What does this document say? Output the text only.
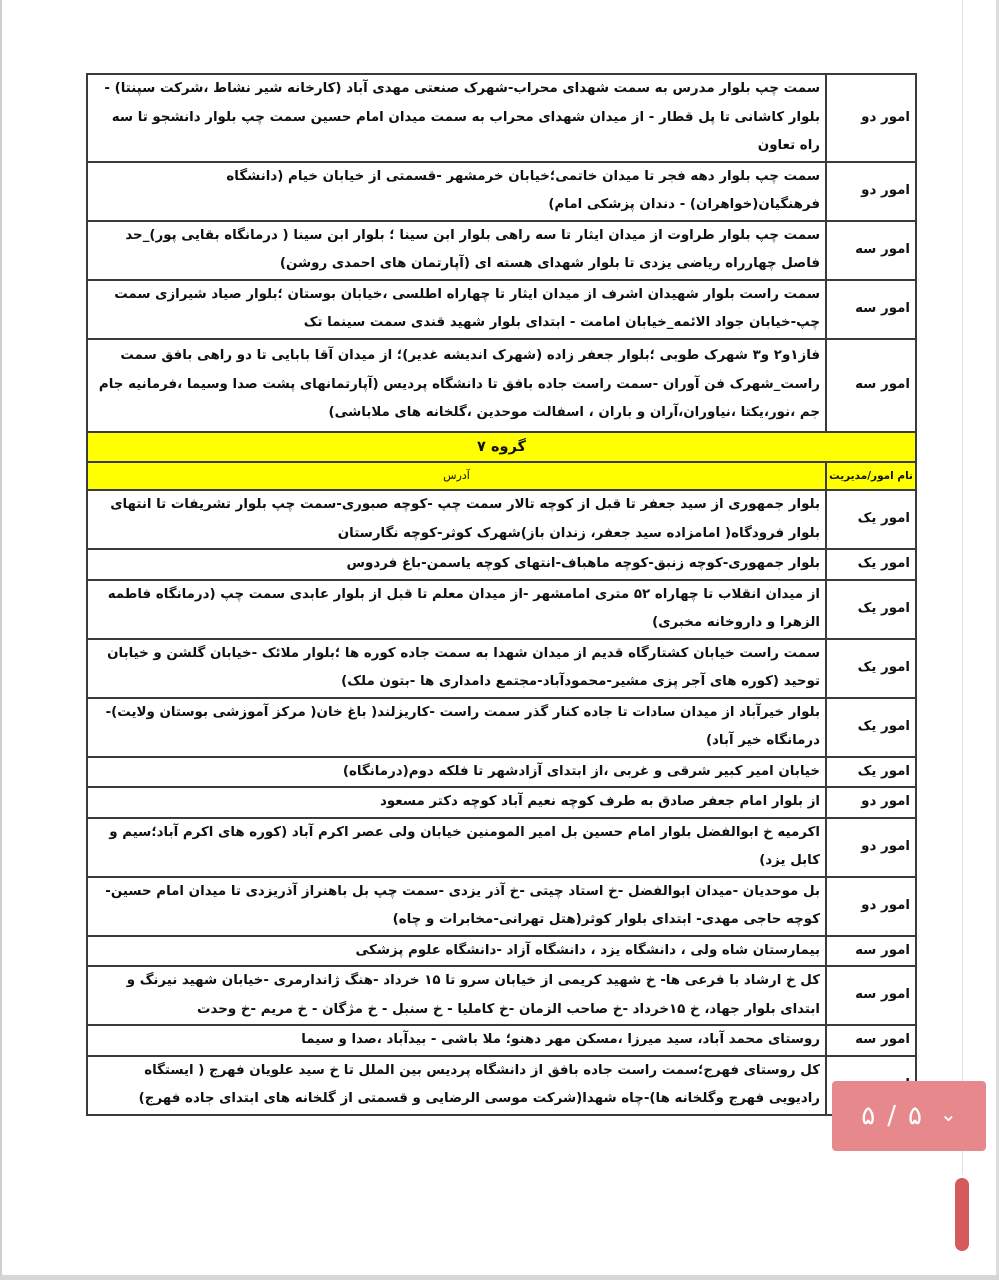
امور دو	سمت چپ بلوار مدرس به سمت شهدای محراب-شهرک صنعتی مهدی آباد (کارخانه شیر نشاط ،شرکت سپنتا) - بلوار کاشانی تا پل قطار - از میدان شهدای محراب به سمت میدان امام حسین سمت چپ بلوار دانشجو تا سه راه تعاون
امور دو	سمت چپ بلوار دهه فجر تا میدان خاتمی؛خیابان خرمشهر -قسمتی از خیابان خیام (دانشگاه فرهنگیان(خواهران) - دندان پزشکی امام)
امور سه	سمت چپ بلوار طراوت از میدان ایثار تا سه راهی بلوار ابن سینا ؛ بلوار ابن سینا ( درمانگاه بقایی پور)_حد فاصل چهارراه ریاضی یزدی تا بلوار شهدای هسته ای (آپارتمان های احمدی روشن)
امور سه	سمت راست بلوار شهیدان اشرف از میدان ایثار تا چهاراه اطلسی ،خیابان بوستان ؛بلوار صیاد شیرازی سمت چپ-خیابان جواد الائمه_خیابان امامت - ابتدای بلوار شهید قندی سمت سینما تک
امور سه	فاز۱و۲ و۳ شهرک طوبی ؛بلوار جعفر زاده (شهرک اندیشه غدیر)؛ از میدان آقا بابایی تا دو راهی بافق سمت راست_شهرک فن آوران -سمت راست جاده بافق تا دانشگاه پردیس (آپارتمانهای پشت صدا وسیما ،فرمانیه جام جم ،نور،یکتا ،نیاوران،آران و باران ، اسفالت موحدین ،گلخانه های ملاباشی)
گروه ۷	
نام امور/مدیریت	آدرس
امور یک	بلوار جمهوری از سید جعفر تا قبل از کوچه تالار سمت چپ -کوچه صبوری-سمت چپ بلوار تشریفات تا انتهای بلوار فرودگاه( امامزاده سید جعفر، زندان باز)شهرک کوثر-کوچه نگارستان
امور یک	بلوار جمهوری-کوچه زنبق-کوچه ماهباف-انتهای کوچه یاسمن-باغ فردوس
امور یک	از میدان انقلاب تا چهاراه ۵۲ متری امامشهر -از میدان معلم تا قبل از بلوار عابدی سمت چپ (درمانگاه فاطمه الزهرا و داروخانه مخبری)
امور یک	سمت راست خیابان کشتارگاه قدیم از میدان شهدا به سمت جاده کوره ها ؛بلوار ملائک -خیابان گلشن و خیابان توحید (کوره های آجر پزی مشیر-محمودآباد-مجتمع دامداری ها -بتون ملک)
امور یک	بلوار خیرآباد از میدان سادات تا جاده کنار گذر سمت راست -کاریزلند( باغ خان( مرکز آموزشی بوستان ولایت)-درمانگاه خیر آباد)
امور یک	خیابان امیر کبیر شرقی و غربی ،از ابتدای آزادشهر تا فلکه دوم(درمانگاه)
امور دو	از بلوار امام جعفر صادق به طرف کوچه نعیم آباد کوچه دکتر مسعود
امور دو	اکرمیه خ ابوالفضل بلوار امام حسین بل امیر المومنین خیابان ولی عصر اکرم آباد (کوره های اکرم آباد؛سیم و کابل یزد)
امور دو	بل موحدیان -میدان ابوالفضل -خ استاد چیتی -خ آذر یزدی -سمت چپ بل باهنراز آذریزدی تا میدان امام حسین- کوچه حاجی مهدی- ابتدای بلوار کوثر(هتل تهرانی-مخابرات و چاه)
امور سه	بیمارستان شاه ولی ، دانشگاه یزد ، دانشگاه آزاد -دانشگاه علوم پزشکی
امور سه	کل خ ارشاد با فرعی ها- خ شهید کریمی از خیابان سرو تا ۱۵ خرداد -هنگ ژاندارمری -خیابان شهید نیرنگ و ابتدای بلوار جهاد، خ ۱۵خرداد -خ صاحب الزمان -خ کاملیا - خ سنبل - خ مژگان - خ مریم -خ وحدت
امور سه	روستای محمد آباد، سید میرزا ،مسکن مهر دهنو؛ ملا باشی - بیدآباد ،صدا و سیما
	کل روستای فهرج؛سمت راست جاده بافق از دانشگاه پردیس بین الملل تا خ سید علویان فهرج ( ایستگاه رادیویی فهرج وگلخانه ها)-چاه شهدا(شرکت موسی الرضایی و قسمتی از گلخانه های ابتدای جاده فهرج)
۵ / ۵ ⌄
